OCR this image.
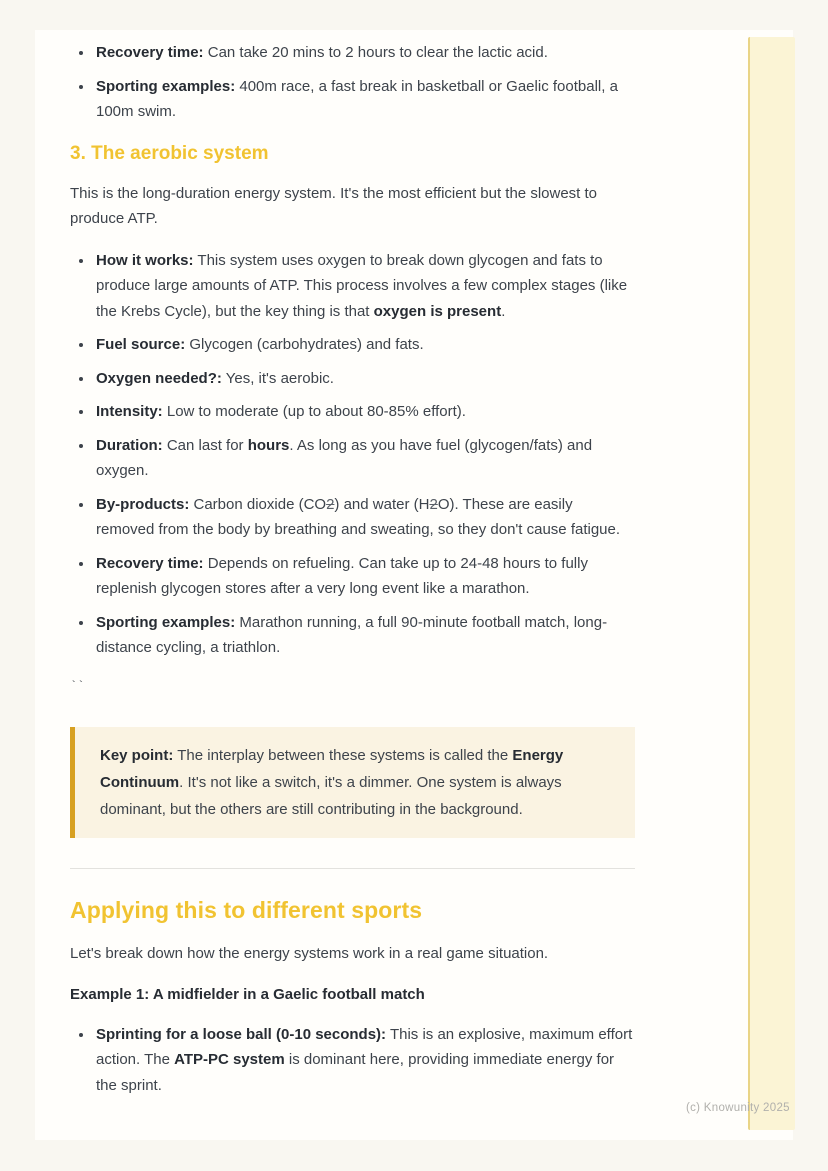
• Recovery time: Can take 20 mins to 2 hours to clear the lactic acid.
• Sporting examples: 400m race, a fast break in basketball or Gaelic football, a 100m swim.
3. The aerobic system
This is the long-duration energy system. It's the most efficient but the slowest to produce ATP.
• How it works: This system uses oxygen to break down glycogen and fats to produce large amounts of ATP. This process involves a few complex stages (like the Krebs Cycle), but the key thing is that oxygen is present.
• Fuel source: Glycogen (carbohydrates) and fats.
• Oxygen needed?: Yes, it's aerobic.
• Intensity: Low to moderate (up to about 80-85% effort).
• Duration: Can last for hours. As long as you have fuel (glycogen/fats) and oxygen.
• By-products: Carbon dioxide (CO2) and water (H2O). These are easily removed from the body by breathing and sweating, so they don't cause fatigue.
• Recovery time: Depends on refueling. Can take up to 24-48 hours to fully replenish glycogen stores after a very long event like a marathon.
• Sporting examples: Marathon running, a full 90-minute football match, long-distance cycling, a triathlon.
``
Key point: The interplay between these systems is called the Energy Continuum. It's not like a switch, it's a dimmer. One system is always dominant, but the others are still contributing in the background.
Applying this to different sports
Let's break down how the energy systems work in a real game situation.
Example 1: A midfielder in a Gaelic football match
• Sprinting for a loose ball (0-10 seconds): This is an explosive, maximum effort action. The ATP-PC system is dominant here, providing immediate energy for the sprint.
(c) Knowunity 2025
